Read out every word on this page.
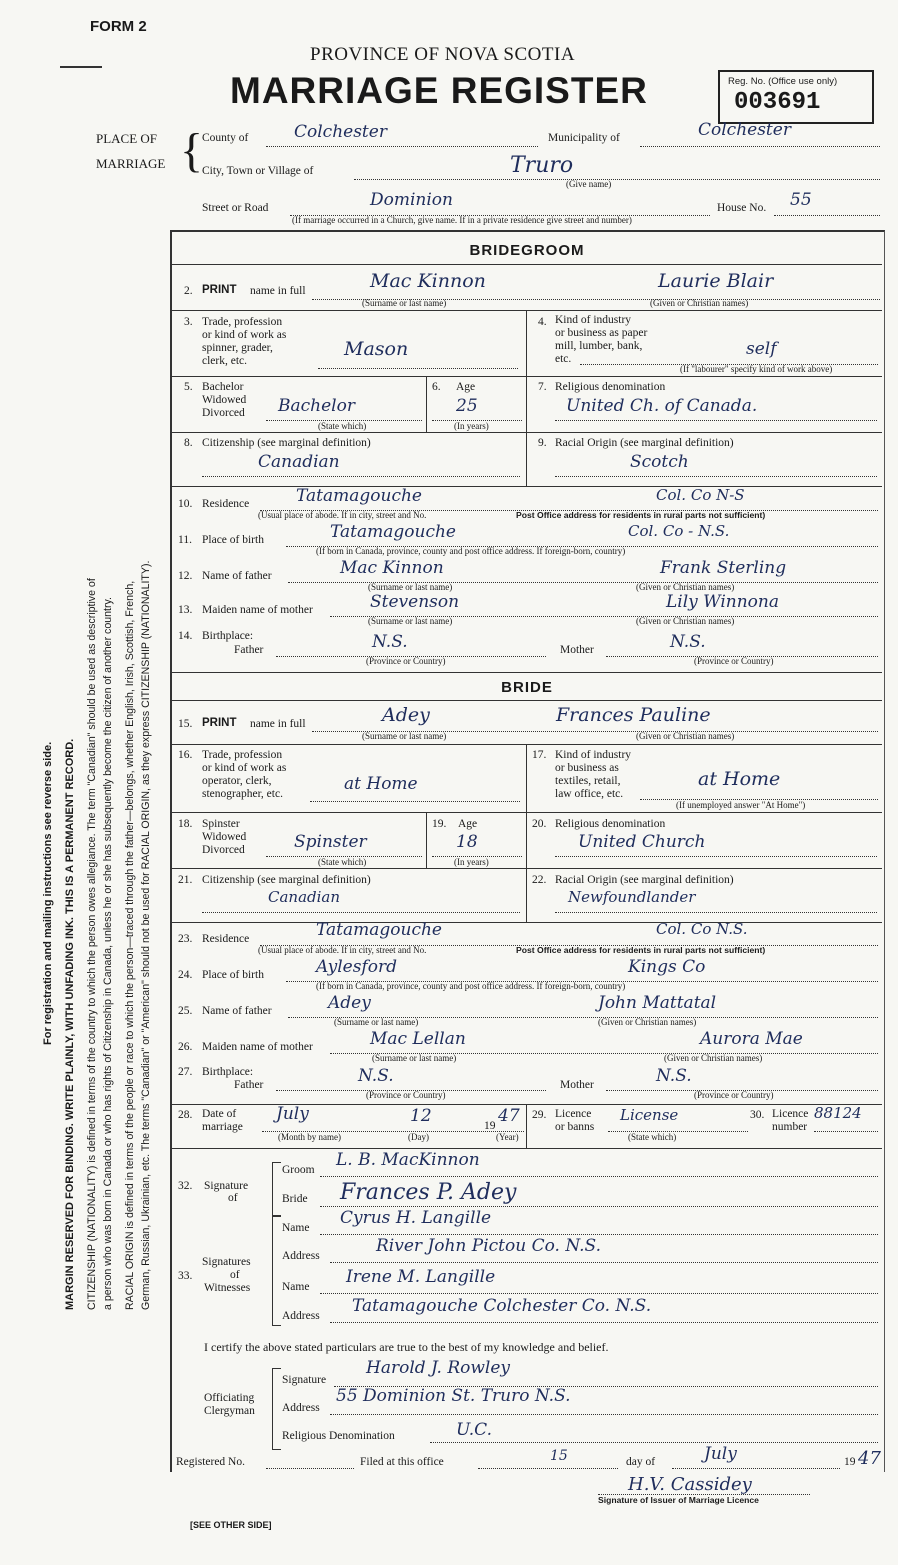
FORM 2
PROVINCE OF NOVA SCOTIA
MARRIAGE REGISTER	Reg. No. (Office use only)
003691
PLACE OF
MARRIAGE {
County of	Colchester	Municipality of	Colchester
City, Town or Village of	Truro
(Give name)
Street or Road	Dominion	House No. 55
(If marriage occurred in a Church, give name. If in a private residence give street and number)
For registration and mailing instructions see reverse side. MARGIN RESERVED FOR BINDING. WRITE PLAINLY, WITH UNFADING INK. THIS IS A PERMANENT RECORD. CITIZENSHIP (NATIONALITY) is defined in terms of the country to which the person owes allegiance. The term "Canadian" should be used as descriptive of a person who was born in Canada or who has rights of Citizenship in Canada, unless he or she has subsequently become the citizen of another country. RACIAL ORIGIN is defined in terms of the people or race to which the person—traced through the father—belongs, whether English, Irish, Scottish, French, German, Russian, Ukrainian, etc. The terms "Canadian" or "American" should not be used for RACIAL ORIGIN, as they express CITIZENSHIP (NATIONALITY).
BRIDEGROOM
2. PRINT name in full	Mac Kinnon	Laurie Blair
(Surname or last name)	(Given or Christian names)
3. Trade, profession
or kind of work as
spinner, grader,
clerk, etc.
Mason
4. Kind of industry
or business as paper
mill, lumber, bank,
etc.	self
(If "labourer" specify kind of work above)
5. Bachelor
Widowed
Divorced Bachelor
(State which)
6. Age
25
(In years)
7. Religious denomination
United Ch. of Canada.
8. Citizenship (see marginal definition)
Canadian
9. Racial Origin (see marginal definition)
Scotch
10. Residence	Tatamagouche	Col. Co N-S
(Usual place of abode. If in city, street and No.	Post Office address for residents in rural parts not sufficient)
11. Place of birth	Tatamagouche	Col. Co - N.S.
(If born in Canada, province, county and post office address. If foreign-born, country)
12. Name of father	Mac Kinnon	Frank Sterling
(Surname or last name)	(Given or Christian names)
13. Maiden name of mother	Stevenson	Lily Winnona
(Surname or last name)	(Given or Christian names)
14. Birthplace:
Father	N.S.	Mother	N.S.
(Province or Country)	(Province or Country)
BRIDE
15. PRINT name in full	Adey	Frances Pauline
(Surname or last name)	(Given or Christian names)
16. Trade, profession
or kind of work as
operator, clerk,
stenographer, etc.	at Home
17. Kind of industry
or business as
textiles, retail,
law office, etc.
at Home
(If unemployed answer "At Home")
18. Spinster
Widowed
Divorced	Spinster
(State which)
19. Age
18
(In years)
20. Religious denomination
United Church
21. Citizenship (see marginal definition)
Canadian
22. Racial Origin (see marginal definition)
Newfoundlander
23. Residence	Tatamagouche	Col. Co N.S.
(Usual place of abode. If in city, street and No.	Post Office address for residents in rural parts not sufficient)
24. Place of birth	Aylesford	Kings Co
(If born in Canada, province, county and post office address. If foreign-born, country)
25. Name of father	Adey	John Mattatal
(Surname or last name)	(Given or Christian names)
26. Maiden name of mother	Mac Lellan	Aurora Mae
(Surname or last name)	(Given or Christian names)
27. Birthplace:
Father	N.S.	Mother	N.S.
(Province or Country)	(Province or Country)
28. Date of
marriage
July	12	19 47
(Month by name)	(Day)	(Year)
29. Licence
or banns
License
(State which)
30. Licence
number
88124
32. Signature
of
Groom L. B. MacKinnon
Bride Frances P. Adey
33.
Signatures
of
Witnesses
Name Cyrus H. Langille
Address	River John Pictou Co. N.S.
Name Irene M. Langille
Address Tatamagouche Colchester Co. N.S.
I certify the above stated particulars are true to the best of my knowledge and belief.
Officiating
Clergyman
Signature
Harold J. Rowley
Address
55 Dominion St. Truro N.S.
Religious Denomination	U.C.
Registered No.	Filed at this office	15	day of	July	19 47
H.V. Cassidey
Signature of Issuer of Marriage Licence
[SEE OTHER SIDE]
